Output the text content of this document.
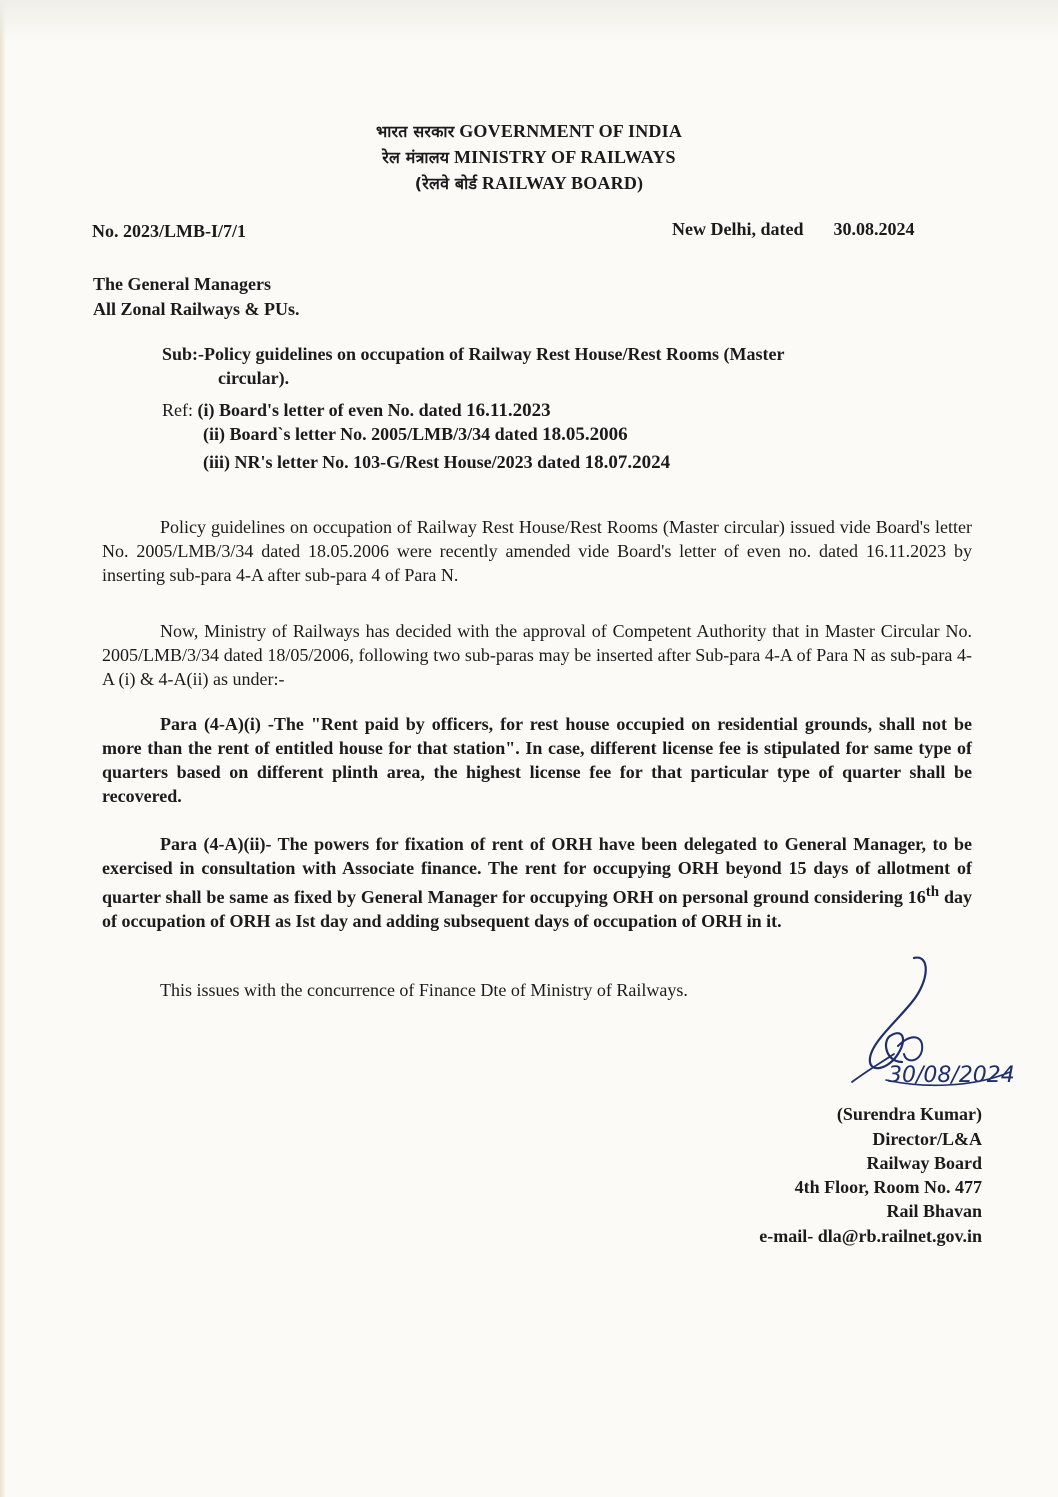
भारत सरकार GOVERNMENT OF INDIA
रेल मंत्रालय MINISTRY OF RAILWAYS
(रेलवे बोर्ड RAILWAY BOARD)
No. 2023/LMB-I/7/1	New Delhi, dated 30.08.2024
The General Managers
All Zonal Railways & PUs.
Sub:-Policy guidelines on occupation of Railway Rest House/Rest Rooms (Master
circular).
Ref: (i) Board's letter of even No. dated 16.11.2023
(ii) Board`s letter No. 2005/LMB/3/34 dated 18.05.2006
(iii) NR's letter No. 103-G/Rest House/2023 dated 18.07.2024
Policy guidelines on occupation of Railway Rest House/Rest Rooms (Master circular) issued vide Board's letter No. 2005/LMB/3/34 dated 18.05.2006 were recently amended vide Board's letter of even no. dated 16.11.2023 by inserting sub-para 4-A after sub-para 4 of Para N.
Now, Ministry of Railways has decided with the approval of Competent Authority that in Master Circular No. 2005/LMB/3/34 dated 18/05/2006, following two sub-paras may be inserted after Sub-para 4-A of Para N as sub-para 4-A (i) & 4-A(ii) as under:-
Para (4-A)(i) -The "Rent paid by officers, for rest house occupied on residential grounds, shall not be more than the rent of entitled house for that station". In case, different license fee is stipulated for same type of quarters based on different plinth area, the highest license fee for that particular type of quarter shall be recovered.
Para (4-A)(ii)- The powers for fixation of rent of ORH have been delegated to General Manager, to be exercised in consultation with Associate finance. The rent for occupying ORH beyond 15 days of allotment of quarter shall be same as fixed by General Manager for occupying ORH on personal ground considering 16th day of occupation of ORH as Ist day and adding subsequent days of occupation of ORH in it.
This issues with the concurrence of Finance Dte of Ministry of Railways.
30/08/2024
(Surendra Kumar)
Director/L&A
Railway Board
4th Floor, Room No. 477
Rail Bhavan
e-mail- dla@rb.railnet.gov.in
